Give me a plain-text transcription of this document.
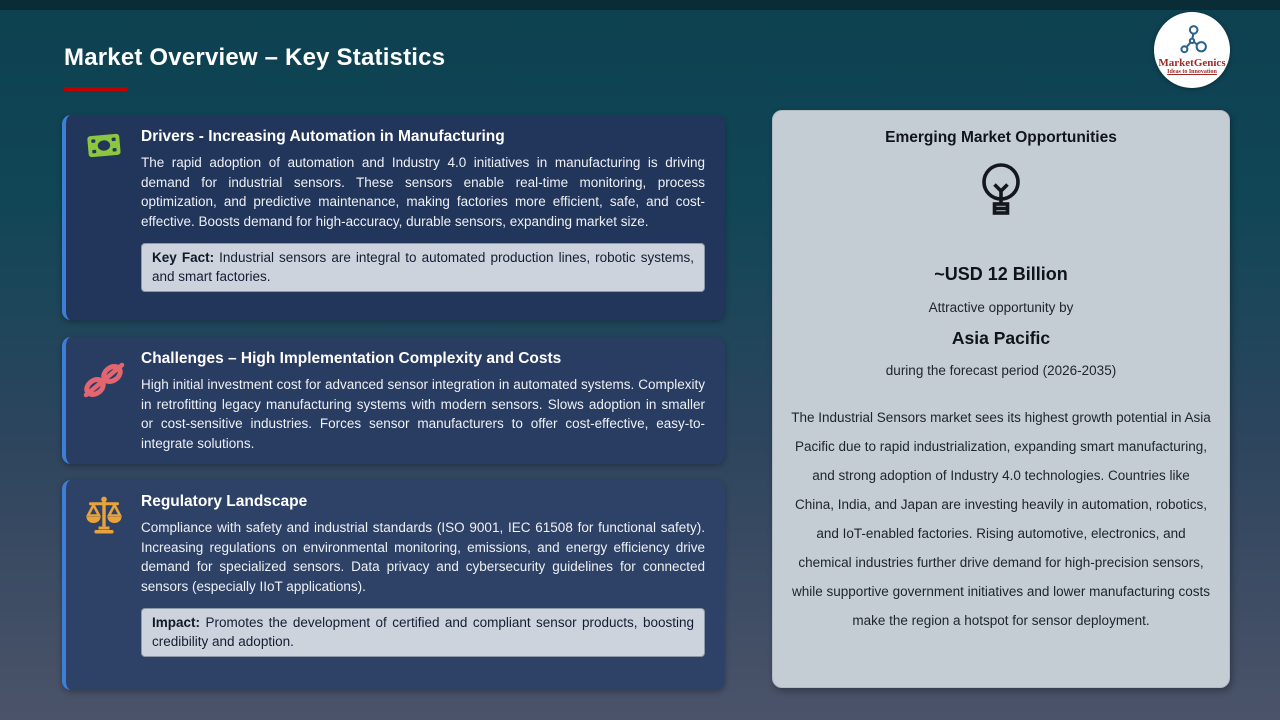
Market Overview – Key Statistics	MarketGenics
Ideas to Innovation
Drivers - Increasing Automation in Manufacturing

The rapid adoption of automation and Industry 4.0 initiatives in manufacturing is driving demand for industrial sensors. These sensors enable real-time monitoring, process optimization, and predictive maintenance, making factories more efficient, safe, and cost-effective. Boosts demand for high-accuracy, durable sensors, expanding market size.

Key Fact: Industrial sensors are integral to automated production lines, robotic systems, and smart factories.
Challenges – High Implementation Complexity and Costs

High initial investment cost for advanced sensor integration in automated systems. Complexity in retrofitting legacy manufacturing systems with modern sensors. Slows adoption in smaller or cost-sensitive industries. Forces sensor manufacturers to offer cost-effective, easy-to-integrate solutions.

Regulatory Landscape

Compliance with safety and industrial standards (ISO 9001, IEC 61508 for functional safety). Increasing regulations on environmental monitoring, emissions, and energy efficiency drive demand for specialized sensors. Data privacy and cybersecurity guidelines for connected sensors (especially IIoT applications).

Impact: Promotes the development of certified and compliant sensor products, boosting credibility and adoption.
Emerging Market Opportunities
~USD 12 Billion
Attractive opportunity by
Asia Pacific
during the forecast period (2026-2035)

The Industrial Sensors market sees its highest growth potential in Asia Pacific due to rapid industrialization, expanding smart manufacturing, and strong adoption of Industry 4.0 technologies. Countries like China, India, and Japan are investing heavily in automation, robotics, and IoT-enabled factories. Rising automotive, electronics, and chemical industries further drive demand for high-precision sensors, while supportive government initiatives and lower manufacturing costs make the region a hotspot for sensor deployment.
